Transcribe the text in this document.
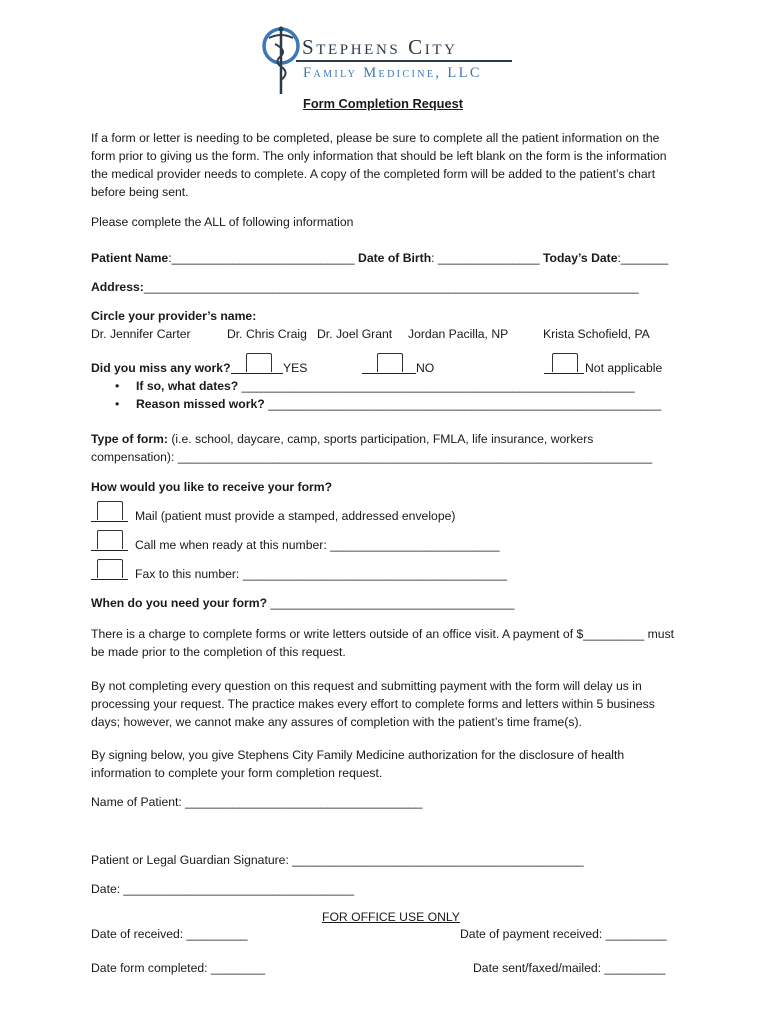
Stephens City
Family Medicine, LLC
Form Completion Request
If a form or letter is needing to be completed, please be sure to complete all the patient information on the form prior to giving us the form. The only information that should be left blank on the form is the information the medical provider needs to complete. A copy of the completed form will be added to the patient’s chart before being sent.
Please complete the ALL of following information
Patient Name:___________________________ Date of Birth: _______________ Today’s Date:_______
Address:_________________________________________________________________________
Circle your provider’s name:
Dr. Jennifer Carter	Dr. Chris Craig Dr. Joel Grant Jordan Pacilla, NP	Krista Schofield, PA
Did you miss any work?	YES	NO	Not applicable
• If so, what dates? __________________________________________________________
• Reason missed work? __________________________________________________________
Type of form: (i.e. school, daycare, camp, sports participation, FMLA, life insurance, workers
compensation): ______________________________________________________________________
How would you like to receive your form?
Mail (patient must provide a stamped, addressed envelope)
Call me when ready at this number: _________________________
Fax to this number: _______________________________________
When do you need your form? ____________________________________
There is a charge to complete forms or write letters outside of an office visit. A payment of $_________ must be made prior to the completion of this request.
By not completing every question on this request and submitting payment with the form will delay us in processing your request. The practice makes every effort to complete forms and letters within 5 business days; however, we cannot make any assures of completion with the patient’s time frame(s).
By signing below, you give Stephens City Family Medicine authorization for the disclosure of health information to complete your form completion request.
Name of Patient: ___________________________________
Patient or Legal Guardian Signature: ___________________________________________
Date: __________________________________
FOR OFFICE USE ONLY
Date of received: _________	Date of payment received: _________
Date form completed: ________	Date sent/faxed/mailed: _________
